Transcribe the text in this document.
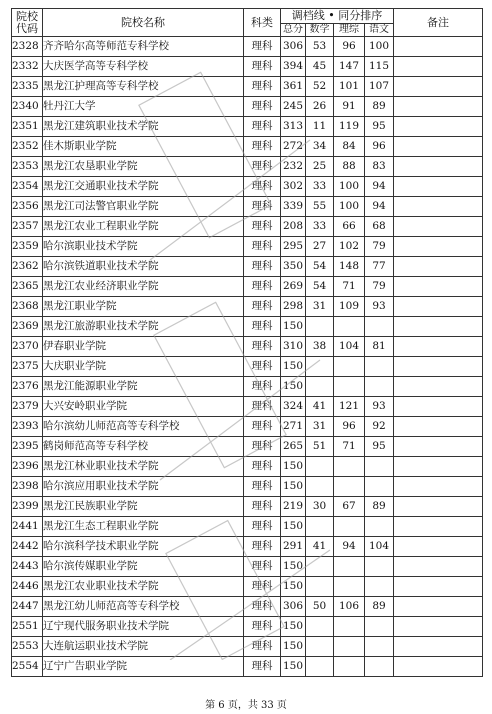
院校代码	院校名称	科类	调档线 • 同分排序				备注
			总分	数学	理综	语文	
2328	齐齐哈尔高等师范专科学校	理科	306	53	96	100	
2332	大庆医学高等专科学校	理科	394	45	147	115	
2335	黑龙江护理高等专科学校	理科	361	52	101	107	
2340	牡丹江大学	理科	245	26	91	89	
2351	黑龙江建筑职业技术学院	理科	313	11	119	95	
2352	佳木斯职业学院	理科	272	34	84	96	
2353	黑龙江农垦职业学院	理科	232	25	88	83	
2354	黑龙江交通职业技术学院	理科	302	33	100	94	
2356	黑龙江司法警官职业学院	理科	339	55	100	94	
2357	黑龙江农业工程职业学院	理科	208	33	66	68	
2359	哈尔滨职业技术学院	理科	295	27	102	79	
2362	哈尔滨铁道职业技术学院	理科	350	54	148	77	
2365	黑龙江农业经济职业学院	理科	269	54	71	79	
2368	黑龙江职业学院	理科	298	31	109	93	
2369	黑龙江旅游职业技术学院	理科	150				
2370	伊春职业学院	理科	310	38	104	81	
2375	大庆职业学院	理科	150				
2376	黑龙江能源职业学院	理科	150				
2379	大兴安岭职业学院	理科	324	41	121	93	
2393	哈尔滨幼儿师范高等专科学校	理科	271	31	96	92	
2395	鹤岗师范高等专科学校	理科	265	51	71	95	
2396	黑龙江林业职业技术学院	理科	150				
2398	哈尔滨应用职业技术学院	理科	150				
2399	黑龙江民族职业学院	理科	219	30	67	89	
2441	黑龙江生态工程职业学院	理科	150				
2442	哈尔滨科学技术职业学院	理科	291	41	94	104	
2443	哈尔滨传媒职业学院	理科	150				
2446	黑龙江农业职业技术学院	理科	150				
2447	黑龙江幼儿师范高等专科学校	理科	306	50	106	89	
2551	辽宁现代服务职业技术学院	理科	150				
2553	大连航运职业技术学院	理科	150				
2554	辽宁广告职业学院	理科	150				
第 6 页，共 33 页
